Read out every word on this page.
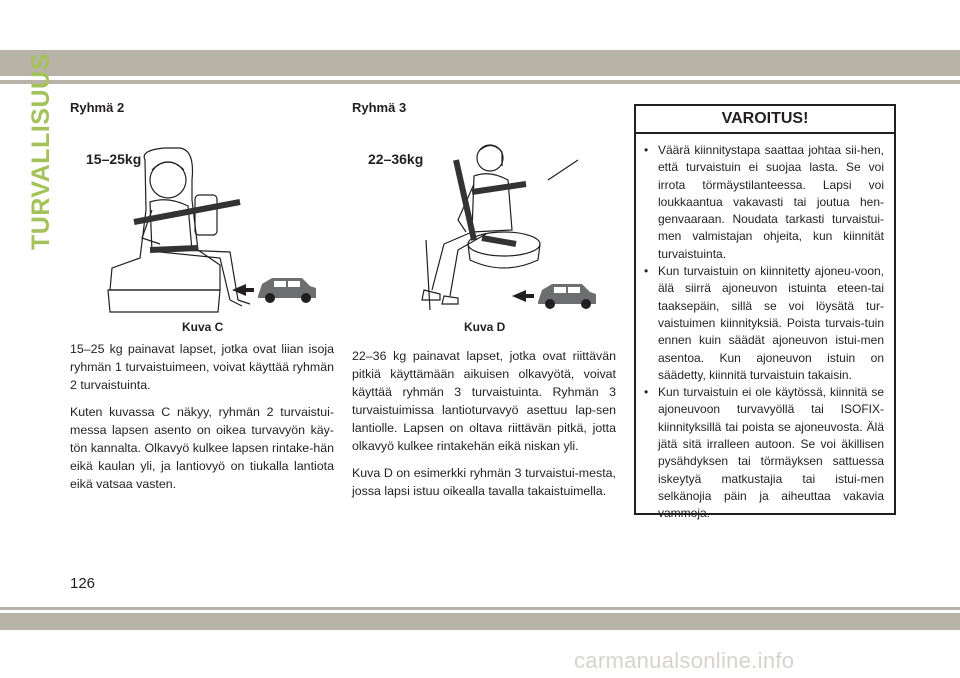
TURVALLISUUS Ryhmä 2
15–25kg
Kuva C

15–25 kg painavat lapset, jotka ovat liian isoja ryhmän 1 turvaistuimeen, voivat käyttää ryhmän 2 turvaistuinta.

Kuten kuvassa C näkyy, ryhmän 2 turvaistui-messa lapsen asento on oikea turvavyön käy-tön kannalta. Olkavyö kulkee lapsen rintake-hän eikä kaulan yli, ja lantiovyö on tiukalla lantiota eikä vatsaa vasten.

Ryhmä 3
22–36kg
Kuva D

22–36 kg painavat lapset, jotka ovat riittävän pitkiä käyttämään aikuisen olkavyötä, voivat käyttää ryhmän 3 turvaistuinta. Ryhmän 3 turvaistuimissa lantioturvavyö asettuu lap-sen lantiolle. Lapsen on oltava riittävän pitkä, jotta olkavyö kulkee rintakehän eikä niskan yli.

Kuva D on esimerkki ryhmän 3 turvaistui-mesta, jossa lapsi istuu oikealla tavalla takaistuimella.

VAROITUS!
• Väärä kiinnitystapa saattaa johtaa sii-hen, että turvaistuin ei suojaa lasta. Se voi irrota törmäystilanteessa. Lapsi voi loukkaantua vakavasti tai joutua hen-genvaaraan. Noudata tarkasti turvaistui-men valmistajan ohjeita, kun kiinnität turvaistuinta.
• Kun turvaistuin on kiinnitetty ajoneu-voon, älä siirrä ajoneuvon istuinta eteen-tai taaksepäin, sillä se voi löysätä tur-vaistuimen kiinnityksiä. Poista turvais-tuin ennen kuin säädät ajoneuvon istui-men asentoa. Kun ajoneuvon istuin on säädetty, kiinnitä turvaistuin takaisin.
• Kun turvaistuin ei ole käytössä, kiinnitä se ajoneuvoon turvavyöllä tai ISOFIX-kiinnityksillä tai poista se ajoneuvosta. Älä jätä sitä irralleen autoon. Se voi äkillisen pysähdyksen tai törmäyksen sattuessa iskeytyä matkustajia tai istui-men selkänojia päin ja aiheuttaa vakavia vammoja.
126
carmanualsonline.info
